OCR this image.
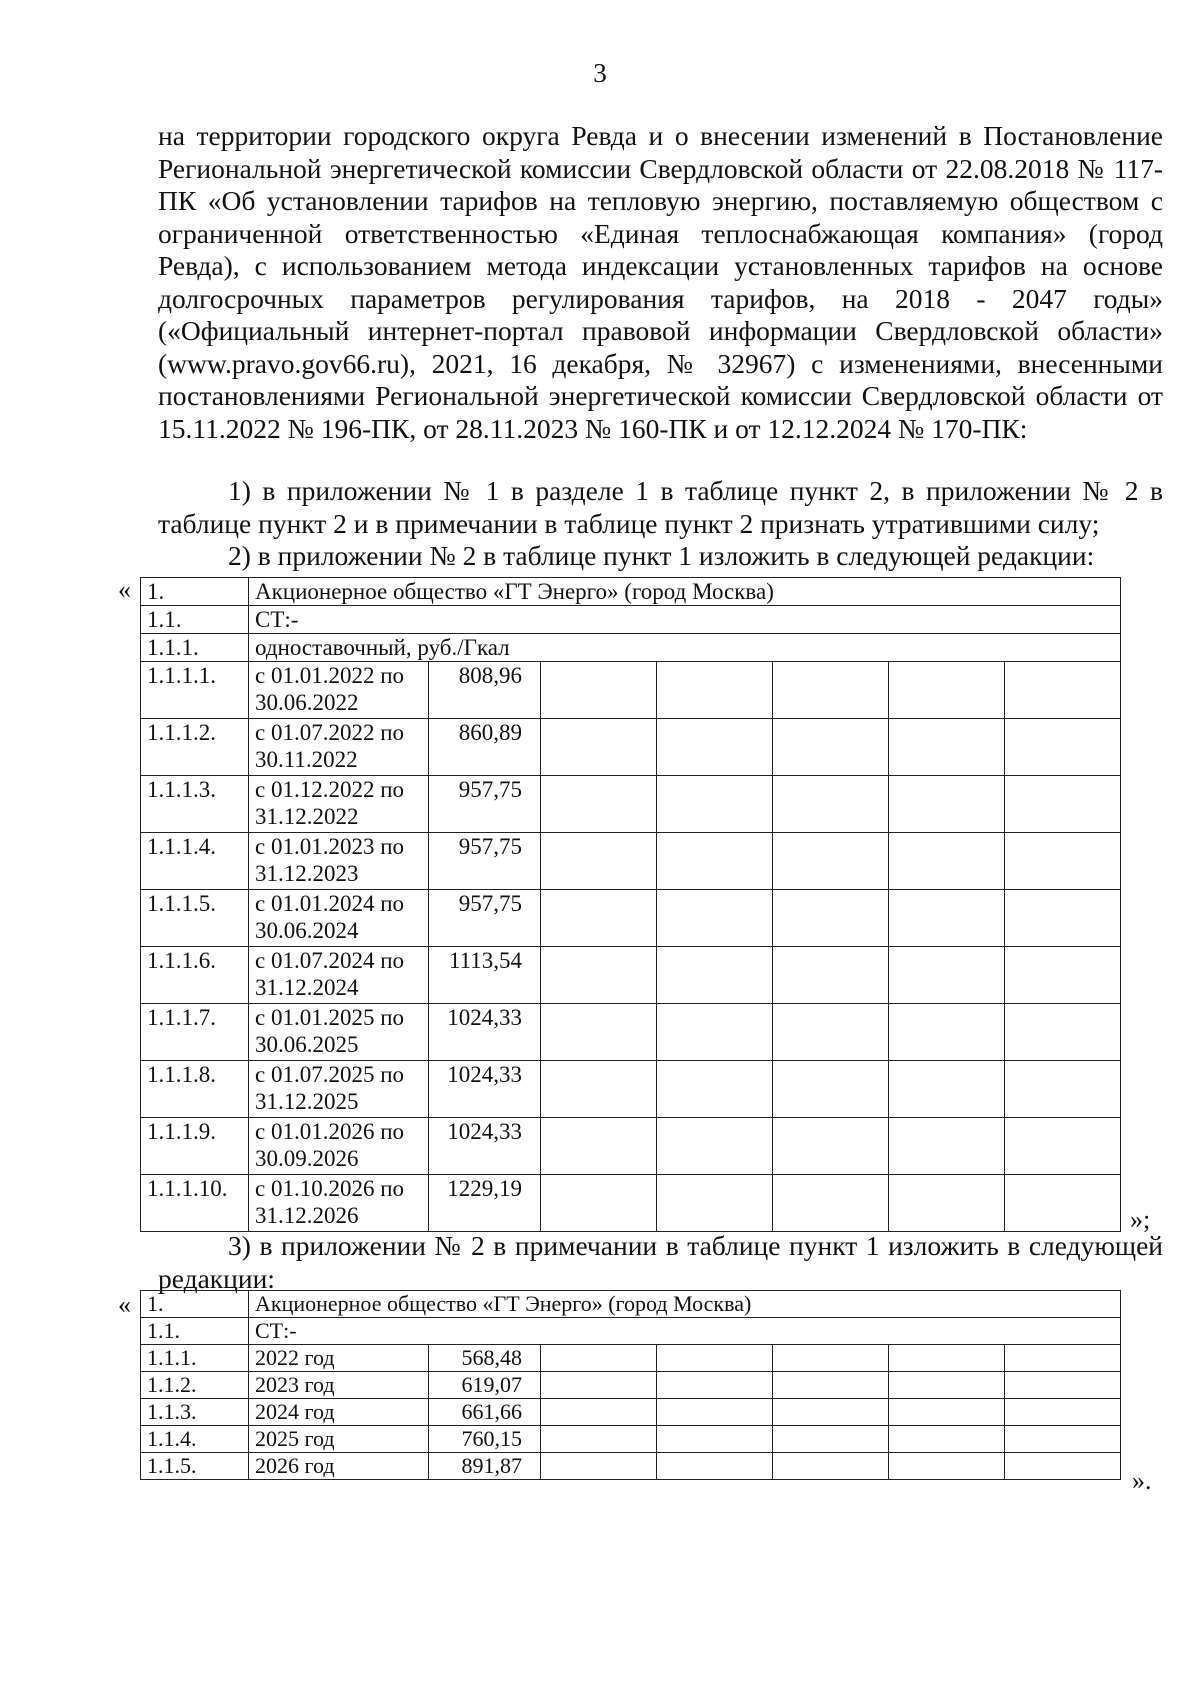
3

на территории городского округа Ревда и о внесении изменений в Постановление Региональной энергетической комиссии Свердловской области от 22.08.2018 № 117-ПК «Об установлении тарифов на тепловую энергию, поставляемую обществом с ограниченной ответственностью «Единая теплоснабжающая компания» (город Ревда), с использованием метода индексации установленных тарифов на основе долгосрочных параметров регулирования тарифов, на 2018 - 2047 годы» («Официальный интернет-портал правовой информации Свердловской области» (www.pravo.gov66.ru), 2021, 16 декабря, № 32967) с изменениями, внесенными постановлениями Региональной энергетической комиссии Свердловской области от 15.11.2022 № 196-ПК, от 28.11.2023 № 160-ПК и от 12.12.2024 № 170-ПК:

1) в приложении № 1 в разделе 1 в таблице пункт 2, в приложении № 2 в таблице пункт 2 и в примечании в таблице пункт 2 признать утратившими силу;
2) в приложении № 2 в таблице пункт 1 изложить в следующей редакции:
« 1.	Акционерное общество «ГТ Энерго» (город Москва)						
1.1.	СТ:-						
1.1.1.	одноставочный, руб./Гкал						
1.1.1.1.	с 01.01.2022 по 30.06.2022	808,96					
1.1.1.2.	с 01.07.2022 по 30.11.2022	860,89					
1.1.1.3.	с 01.12.2022 по 31.12.2022	957,75					
1.1.1.4.	с 01.01.2023 по 31.12.2023	957,75					
1.1.1.5.	с 01.01.2024 по 30.06.2024	957,75					
1.1.1.6.	с 01.07.2024 по 31.12.2024	1113,54					
1.1.1.7.	с 01.01.2025 по 30.06.2025	1024,33					
1.1.1.8.	с 01.07.2025 по 31.12.2025	1024,33					
1.1.1.9.	с 01.01.2026 по 30.09.2026	1024,33					
1.1.1.10.	с 01.10.2026 по 31.12.2026	1229,19					
»;
3) в приложении № 2 в примечании в таблице пункт 1 изложить в следующей редакции:
« 1.	Акционерное общество «ГТ Энерго» (город Москва)						
1.1.	СТ:-						
1.1.1.	2022 год	568,48					
1.1.2.	2023 год	619,07					
1.1.3.	2024 год	661,66					
1.1.4.	2025 год	760,15					
1.1.5.	2026 год	891,87					
».
